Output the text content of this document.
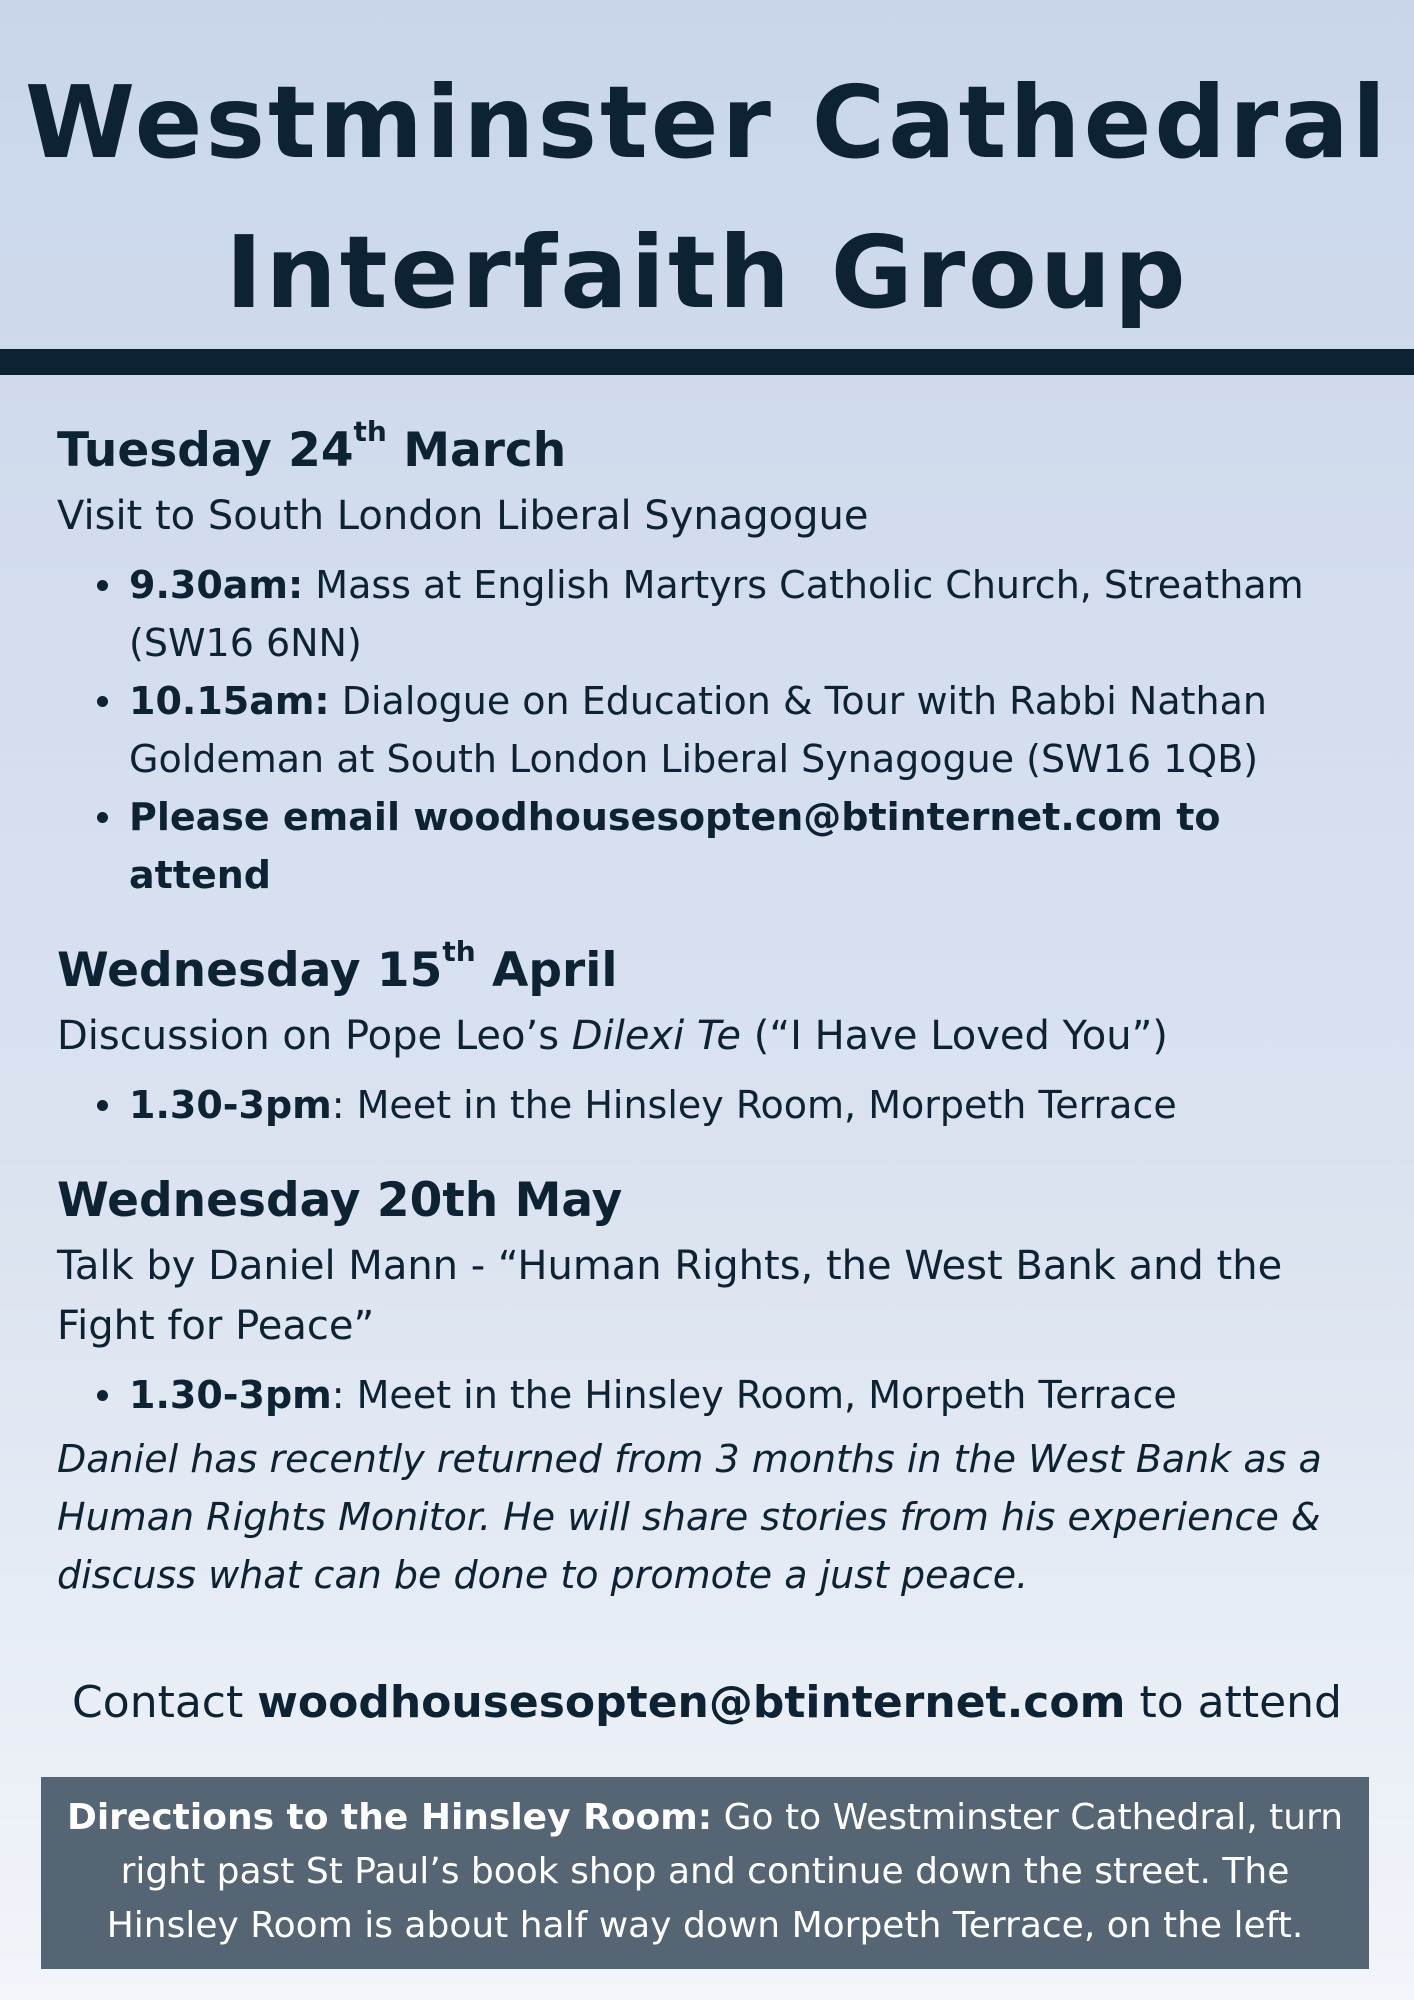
Westminster Cathedral
Interfaith Group
Tuesday 24th March

Visit to South London Liberal Synagogue

9.30am: Mass at English Martyrs Catholic Church, Streatham (SW16 6NN)
10.15am: Dialogue on Education & Tour with Rabbi Nathan Goldeman at South London Liberal Synagogue (SW16 1QB)
Please email woodhousesopten@btinternet.com to attend
Wednesday 15th April

Discussion on Pope Leo’s Dilexi Te (“I Have Loved You”)

1.30-3pm: Meet in the Hinsley Room, Morpeth Terrace
Wednesday 20th May

Talk by Daniel Mann - “Human Rights, the West Bank and the Fight for Peace”

1.30-3pm: Meet in the Hinsley Room, Morpeth Terrace

Daniel has recently returned from 3 months in the West Bank as a Human Rights Monitor. He will share stories from his experience & discuss what can be done to promote a just peace.

Contact woodhousesopten@btinternet.com to attend
Directions to the Hinsley Room: Go to Westminster Cathedral, turn right past St Paul’s book shop and continue down the street. The Hinsley Room is about half way down Morpeth Terrace, on the left.
